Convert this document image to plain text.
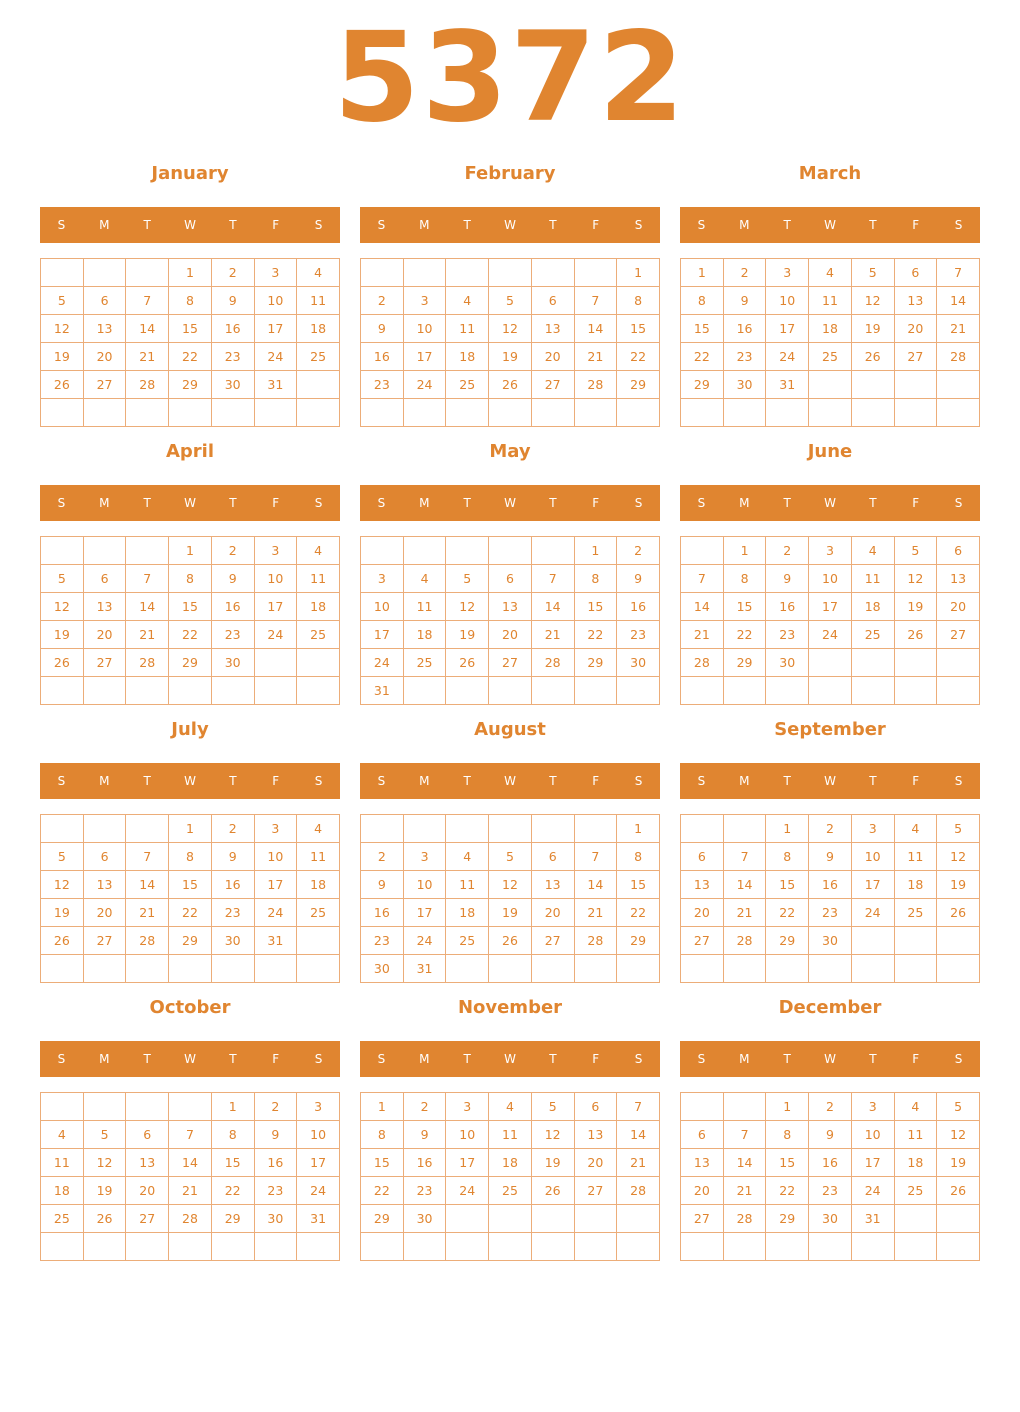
5372
January
S	M	T	W	T	F	S
			1	2	3	4
5	6	7	8	9	10	11
12	13	14	15	16	17	18
19	20	21	22	23	24	25
26	27	28	29	30	31	

February
S	M	T	W	T	F	S
						1
2	3	4	5	6	7	8
9	10	11	12	13	14	15
16	17	18	19	20	21	22
23	24	25	26	27	28	29

March
S	M	T	W	T	F	S
1	2	3	4	5	6	7
8	9	10	11	12	13	14
15	16	17	18	19	20	21
22	23	24	25	26	27	28
29	30	31				

April
S	M	T	W	T	F	S
			1	2	3	4
5	6	7	8	9	10	11
12	13	14	15	16	17	18
19	20	21	22	23	24	25
26	27	28	29	30		

May
S	M	T	W	T	F	S
					1	2
3	4	5	6	7	8	9
10	11	12	13	14	15	16
17	18	19	20	21	22	23
24	25	26	27	28	29	30
31						
June
S	M	T	W	T	F	S
	1	2	3	4	5	6
7	8	9	10	11	12	13
14	15	16	17	18	19	20
21	22	23	24	25	26	27
28	29	30				

July
S	M	T	W	T	F	S
			1	2	3	4
5	6	7	8	9	10	11
12	13	14	15	16	17	18
19	20	21	22	23	24	25
26	27	28	29	30	31	

August
S	M	T	W	T	F	S
						1
2	3	4	5	6	7	8
9	10	11	12	13	14	15
16	17	18	19	20	21	22
23	24	25	26	27	28	29
30	31					
September
S	M	T	W	T	F	S
		1	2	3	4	5
6	7	8	9	10	11	12
13	14	15	16	17	18	19
20	21	22	23	24	25	26
27	28	29	30			

October
S	M	T	W	T	F	S
				1	2	3
4	5	6	7	8	9	10
11	12	13	14	15	16	17
18	19	20	21	22	23	24
25	26	27	28	29	30	31

November
S	M	T	W	T	F	S
1	2	3	4	5	6	7
8	9	10	11	12	13	14
15	16	17	18	19	20	21
22	23	24	25	26	27	28
29	30					

December
S	M	T	W	T	F	S
		1	2	3	4	5
6	7	8	9	10	11	12
13	14	15	16	17	18	19
20	21	22	23	24	25	26
27	28	29	30	31		
